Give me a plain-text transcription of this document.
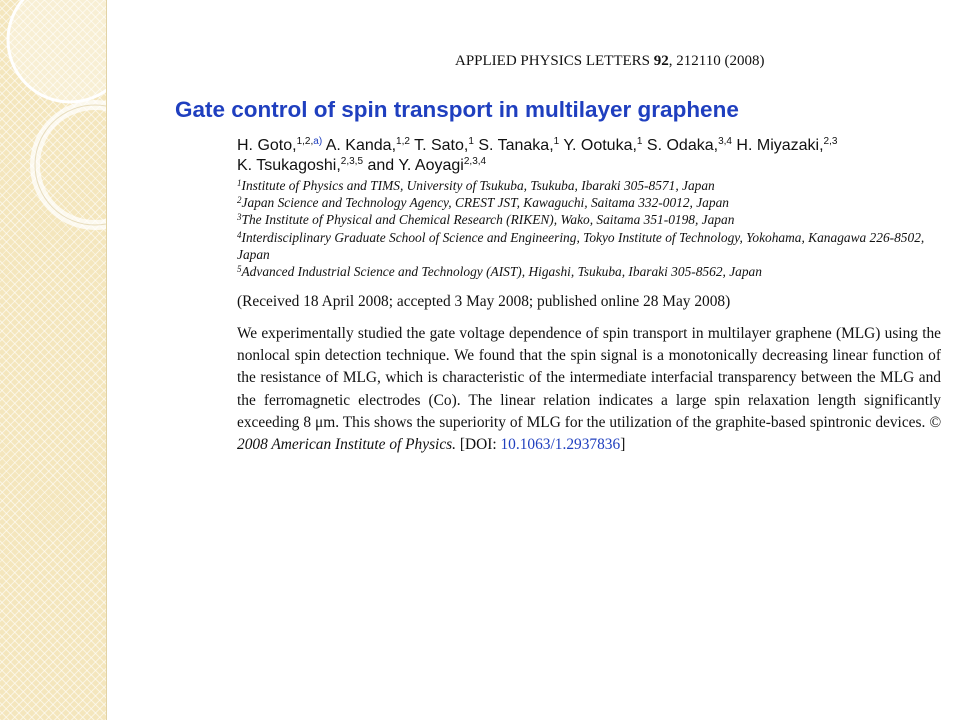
APPLIED PHYSICS LETTERS 92, 212110 (2008)
Gate control of spin transport in multilayer graphene
H. Goto,$^{1,2,a)}$ A. Kanda,$^{1,2}$ T. Sato,$^1$ S. Tanaka,$^1$ Y. Ootuka,$^1$ S. Odaka,$^{3,4}$ H. Miyazaki,$^{2,3}$
K. Tsukagoshi,$^{2,3,5}$ and Y. Aoyagi$^{2,3,4}$
$^1$Institute of Physics and TIMS, University of Tsukuba, Tsukuba, Ibaraki 305-8571, Japan
$^2$Japan Science and Technology Agency, CREST JST, Kawaguchi, Saitama 332-0012, Japan
$^3$The Institute of Physical and Chemical Research (RIKEN), Wako, Saitama 351-0198, Japan
$^4$Interdisciplinary Graduate School of Science and Engineering, Tokyo Institute of Technology, Yokohama, Kanagawa 226-8502, Japan
$^5$Advanced Industrial Science and Technology (AIST), Higashi, Tsukuba, Ibaraki 305-8562, Japan
(Received 18 April 2008; accepted 3 May 2008; published online 28 May 2008)
We experimentally studied the gate voltage dependence of spin transport in multilayer graphene (MLG) using the nonlocal spin detection technique. We found that the spin signal is a monotonically decreasing linear function of the resistance of MLG, which is characteristic of the intermediate interfacial transparency between the MLG and the ferromagnetic electrodes (Co). The linear relation indicates a large spin relaxation length significantly exceeding 8 μm. This shows the superiority of MLG for the utilization of the graphite-based spintronic devices. © 2008 American Institute of Physics. [DOI: 10.1063/1.2937836]
